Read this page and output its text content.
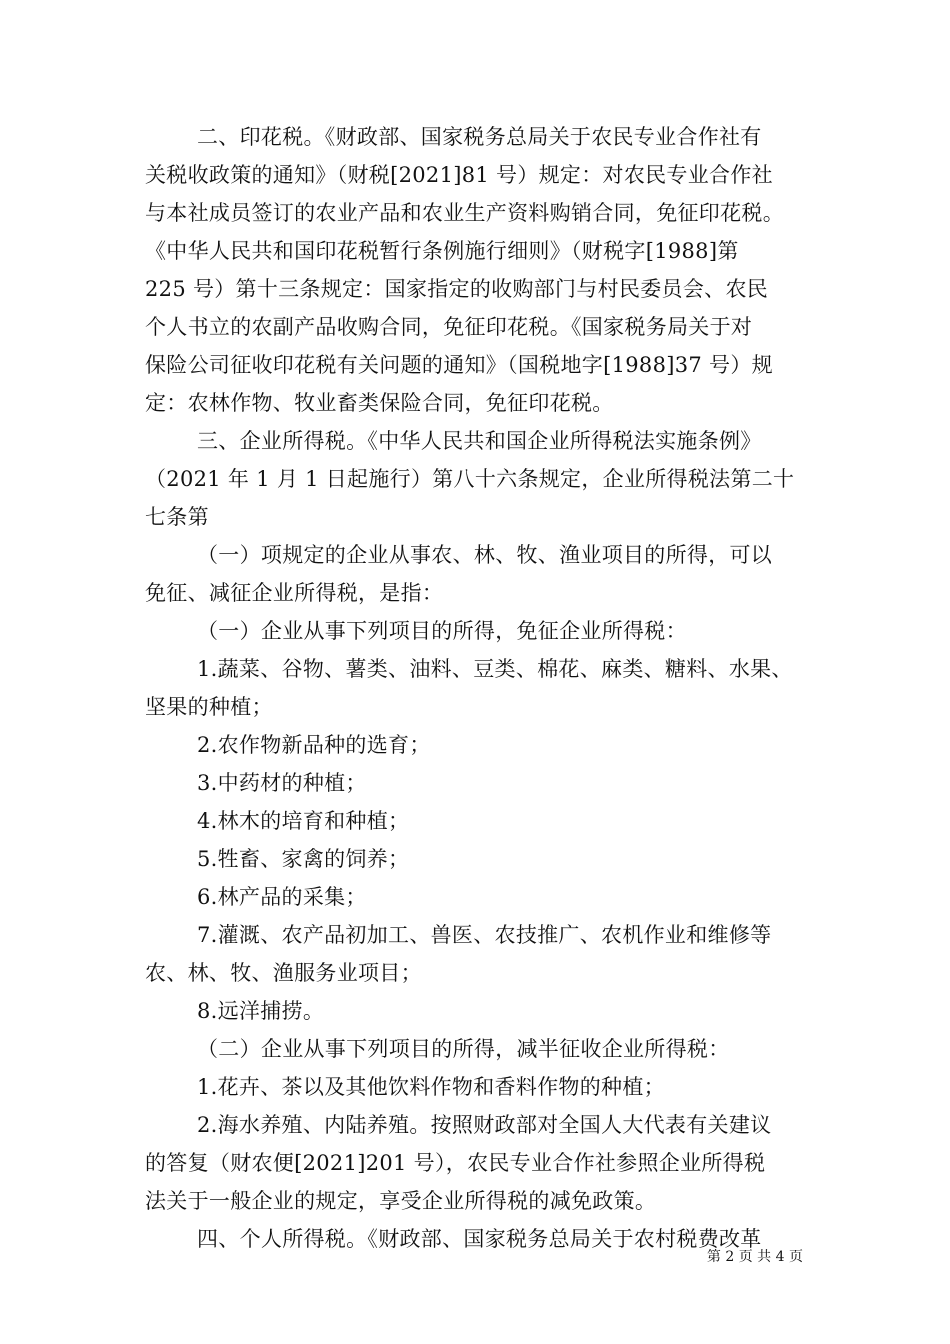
二、印花税。《财政部、国家税务总局关于农民专业合作社有
关税收政策的通知》（财税[2021]81 号）规定：对农民专业合作社
与本社成员签订的农业产品和农业生产资料购销合同，免征印花税。
《中华人民共和国印花税暂行条例施行细则》（财税字[1988]第
225 号）第十三条规定：国家指定的收购部门与村民委员会、农民
个人书立的农副产品收购合同，免征印花税。《国家税务局关于对
保险公司征收印花税有关问题的通知》（国税地字[1988]37 号）规
定：农林作物、牧业畜类保险合同，免征印花税。
三、企业所得税。《中华人民共和国企业所得税法实施条例》
（2021 年 1 月 1 日起施行）第八十六条规定，企业所得税法第二十
七条第
（一）项规定的企业从事农、林、牧、渔业项目的所得，可以
免征、减征企业所得税，是指：
（一）企业从事下列项目的所得，免征企业所得税：
1.蔬菜、谷物、薯类、油料、豆类、棉花、麻类、糖料、水果、
坚果的种植；
2.农作物新品种的选育；
3.中药材的种植；
4.林木的培育和种植；
5.牲畜、家禽的饲养；
6.林产品的采集；
7.灌溉、农产品初加工、兽医、农技推广、农机作业和维修等
农、林、牧、渔服务业项目；
8.远洋捕捞。
（二）企业从事下列项目的所得，减半征收企业所得税：
1.花卉、茶以及其他饮料作物和香料作物的种植；
2.海水养殖、内陆养殖。按照财政部对全国人大代表有关建议
的答复（财农便[2021]201 号），农民专业合作社参照企业所得税
法关于一般企业的规定，享受企业所得税的减免政策。
四、个人所得税。《财政部、国家税务总局关于农村税费改革
第 2 页 共 4 页
